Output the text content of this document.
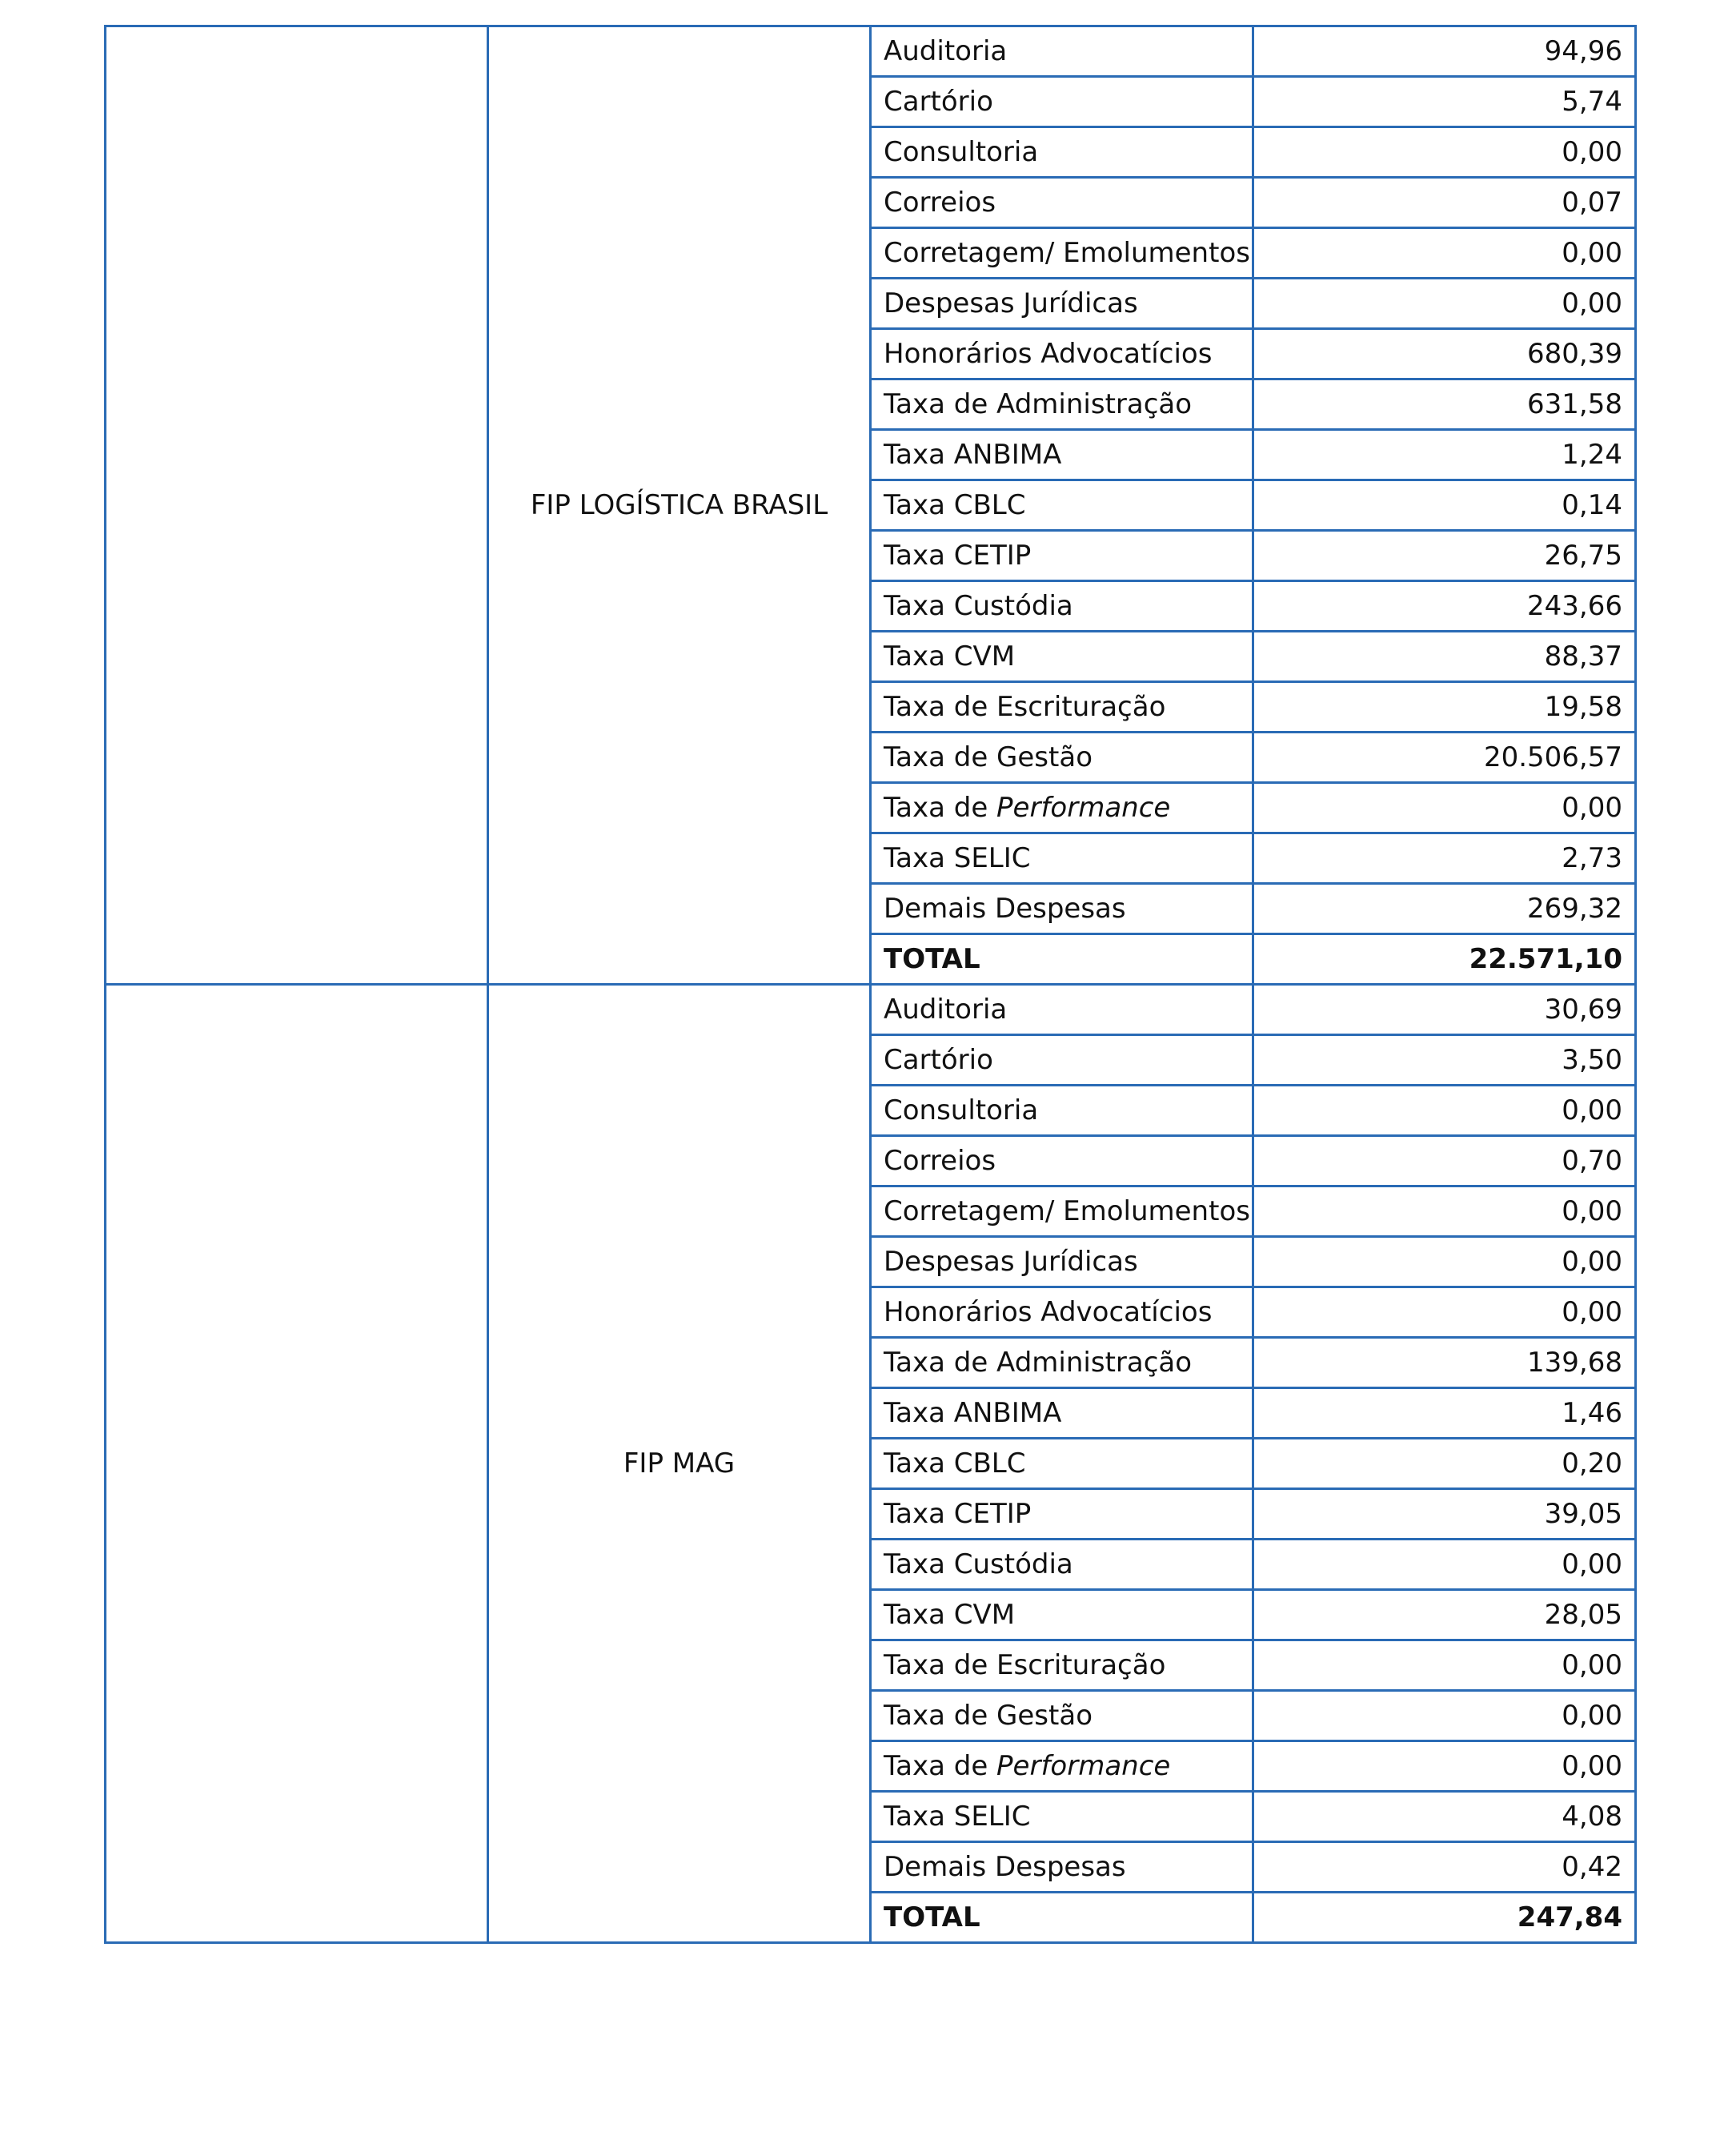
	FIP LOGÍSTICA BRASIL	Auditoria	94,96
		Cartório	5,74
		Consultoria	0,00
		Correios	0,07
		Corretagem/ Emolumentos	0,00
		Despesas Jurídicas	0,00
		Honorários Advocatícios	680,39
		Taxa de Administração	631,58
		Taxa ANBIMA	1,24
		Taxa CBLC	0,14
		Taxa CETIP	26,75
		Taxa Custódia	243,66
		Taxa CVM	88,37
		Taxa de Escrituração	19,58
		Taxa de Gestão	20.506,57
		Taxa de Performance	0,00
		Taxa SELIC	2,73
		Demais Despesas	269,32
		TOTAL	22.571,10
	FIP MAG	Auditoria	30,69
		Cartório	3,50
		Consultoria	0,00
		Correios	0,70
		Corretagem/ Emolumentos	0,00
		Despesas Jurídicas	0,00
		Honorários Advocatícios	0,00
		Taxa de Administração	139,68
		Taxa ANBIMA	1,46
		Taxa CBLC	0,20
		Taxa CETIP	39,05
		Taxa Custódia	0,00
		Taxa CVM	28,05
		Taxa de Escrituração	0,00
		Taxa de Gestão	0,00
		Taxa de Performance	0,00
		Taxa SELIC	4,08
		Demais Despesas	0,42
		TOTAL	247,84
